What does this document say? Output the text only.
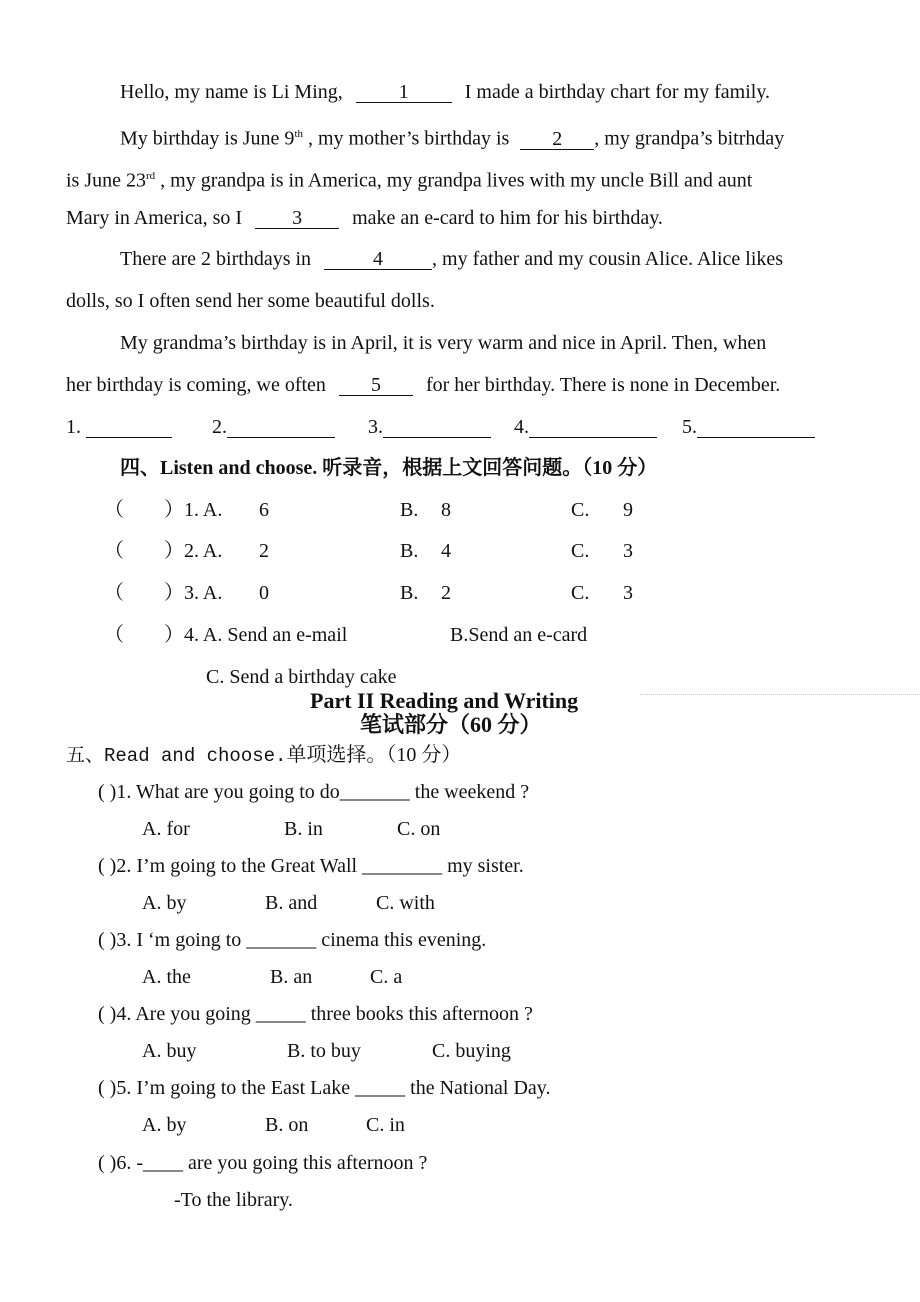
Hello, my name is Li Ming,	1	I made a birthday chart for my family.
My birthday is June 9th , my mother’s birthday is 2 , my grandpa’s bitrhday
is June 23rd , my grandpa is in America, my grandpa lives with my uncle Bill and aunt
Mary in America, so I	3	make an e-card to him for his birthday.
There are 2 birthdays in	4 , my father and my cousin Alice. Alice likes
dolls, so I often send her some beautiful dolls.
My grandma’s birthday is in April, it is very warm and nice in April. Then, when
her birthday is coming, we often 5 for her birthday. There is none in December.
1.	2.	3.	4.	5.
四、Listen and choose. 听录音，根据上文回答问题。（10 分）
（　　） 1. A. 6	B. 8	C. 9
（　　） 2. A. 2	B. 4	C. 3
（　　） 3. A. 0	B. 2	C. 3
（　　） 4. A. Send an e-mail	B.Send an e-card
C. Send a birthday cake
Part II Reading and Writing
笔试部分（60 分）
五、Read and choose.单项选择。（10 分）
( )1. What are you going to do_______ the weekend ?
A. for	B. in	C. on
( )2. I’m going to the Great Wall ________ my sister.
A. by	B. and	C. with
( )3. I ‘m going to _______ cinema this evening.
A. the	B. an	C. a
( )4. Are you going _____ three books this afternoon ?
A. buy	B. to buy	C. buying
( )5. I’m going to the East Lake _____ the National Day.
A. by	B. on	C. in
( )6. -____ are you going this afternoon ?
-To the library.
